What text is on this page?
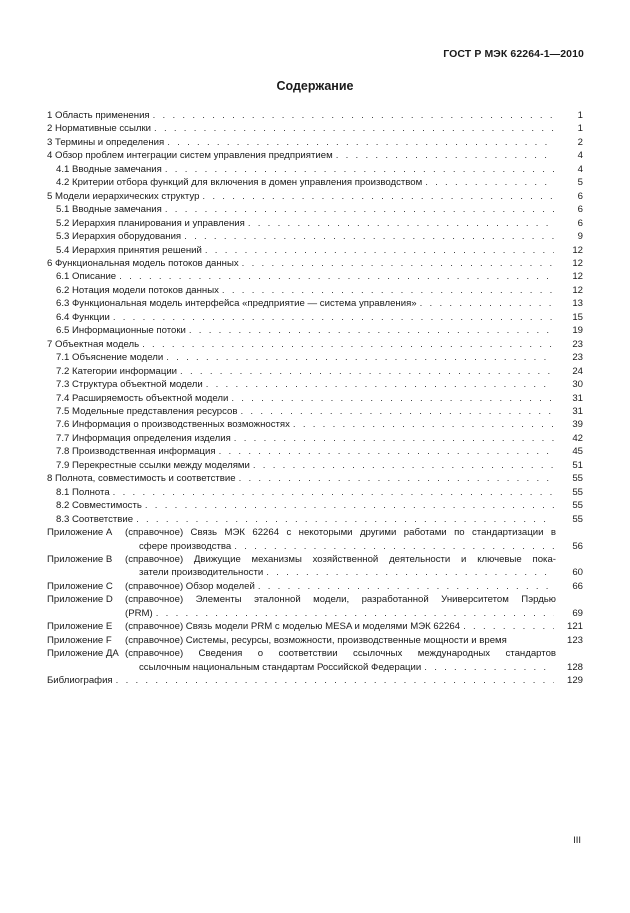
ГОСТ Р МЭК 62264-1—2010
Содержание
1 Область применения . . .	1
2 Нормативные ссылки . . .	1
3 Термины и определения . . .	2
4 Обзор проблем интеграции систем управления предприятием . . .	4
4.1 Вводные замечания . . .	4
4.2 Критерии отбора функций для включения в домен управления производством . . .	5
5 Модели иерархических структур . . .	6
5.1 Вводные замечания . . .	6
5.2 Иерархия планирования и управления . . .	6
5.3 Иерархия оборудования . . .	9
5.4 Иерархия принятия решений . . .	12
6 Функциональная модель потоков данных . . .	12
6.1 Описание . . .	12
6.2 Нотация модели потоков данных . . .	12
6.3 Функциональная модель интерфейса «предприятие — система управления» . . .	13
6.4 Функции . . .	15
6.5 Информационные потоки . . .	19
7 Объектная модель . . .	23
7.1 Объяснение модели . . .	23
7.2 Категории информации . . .	24
7.3 Структура объектной модели . . .	30
7.4 Расширяемость объектной модели . . .	31
7.5 Модельные представления ресурсов . . .	31
7.6 Информация о производственных возможностях . . .	39
7.7 Информация определения изделия . . .	42
7.8 Производственная информация . . .	45
7.9 Перекрестные ссылки между моделями . . .	51
8 Полнота, совместимость и соответствие . . .	55
8.1 Полнота . . .	55
8.2 Совместимость . . .	55
8.3 Соответствие . . .	55
Приложение A	(справочное) Связь МЭК 62264 с некоторыми другими работами по стандартизации в
сфере производства . . .	56
Приложение B	(справочное) Движущие механизмы хозяйственной деятельности и ключевые пока-
затели производительности . . .	60
Приложение C	(справочное) Обзор моделей . . .	66
Приложение D	(справочное) Элементы эталонной модели, разработанной Университетом Пэрдью
(PRM) . . .	69
Приложение E	(справочное) Связь модели PRM с моделью MESA и моделями МЭК 62264 . . .	121
Приложение F	(справочное) Системы, ресурсы, возможности, производственные мощности и время	123
Приложение ДА (справочное) Сведения о соответствии ссылочных международных стандартов
ссылочным национальным стандартам Российской Федерации . . .	128
Библиография . . .	129
III
